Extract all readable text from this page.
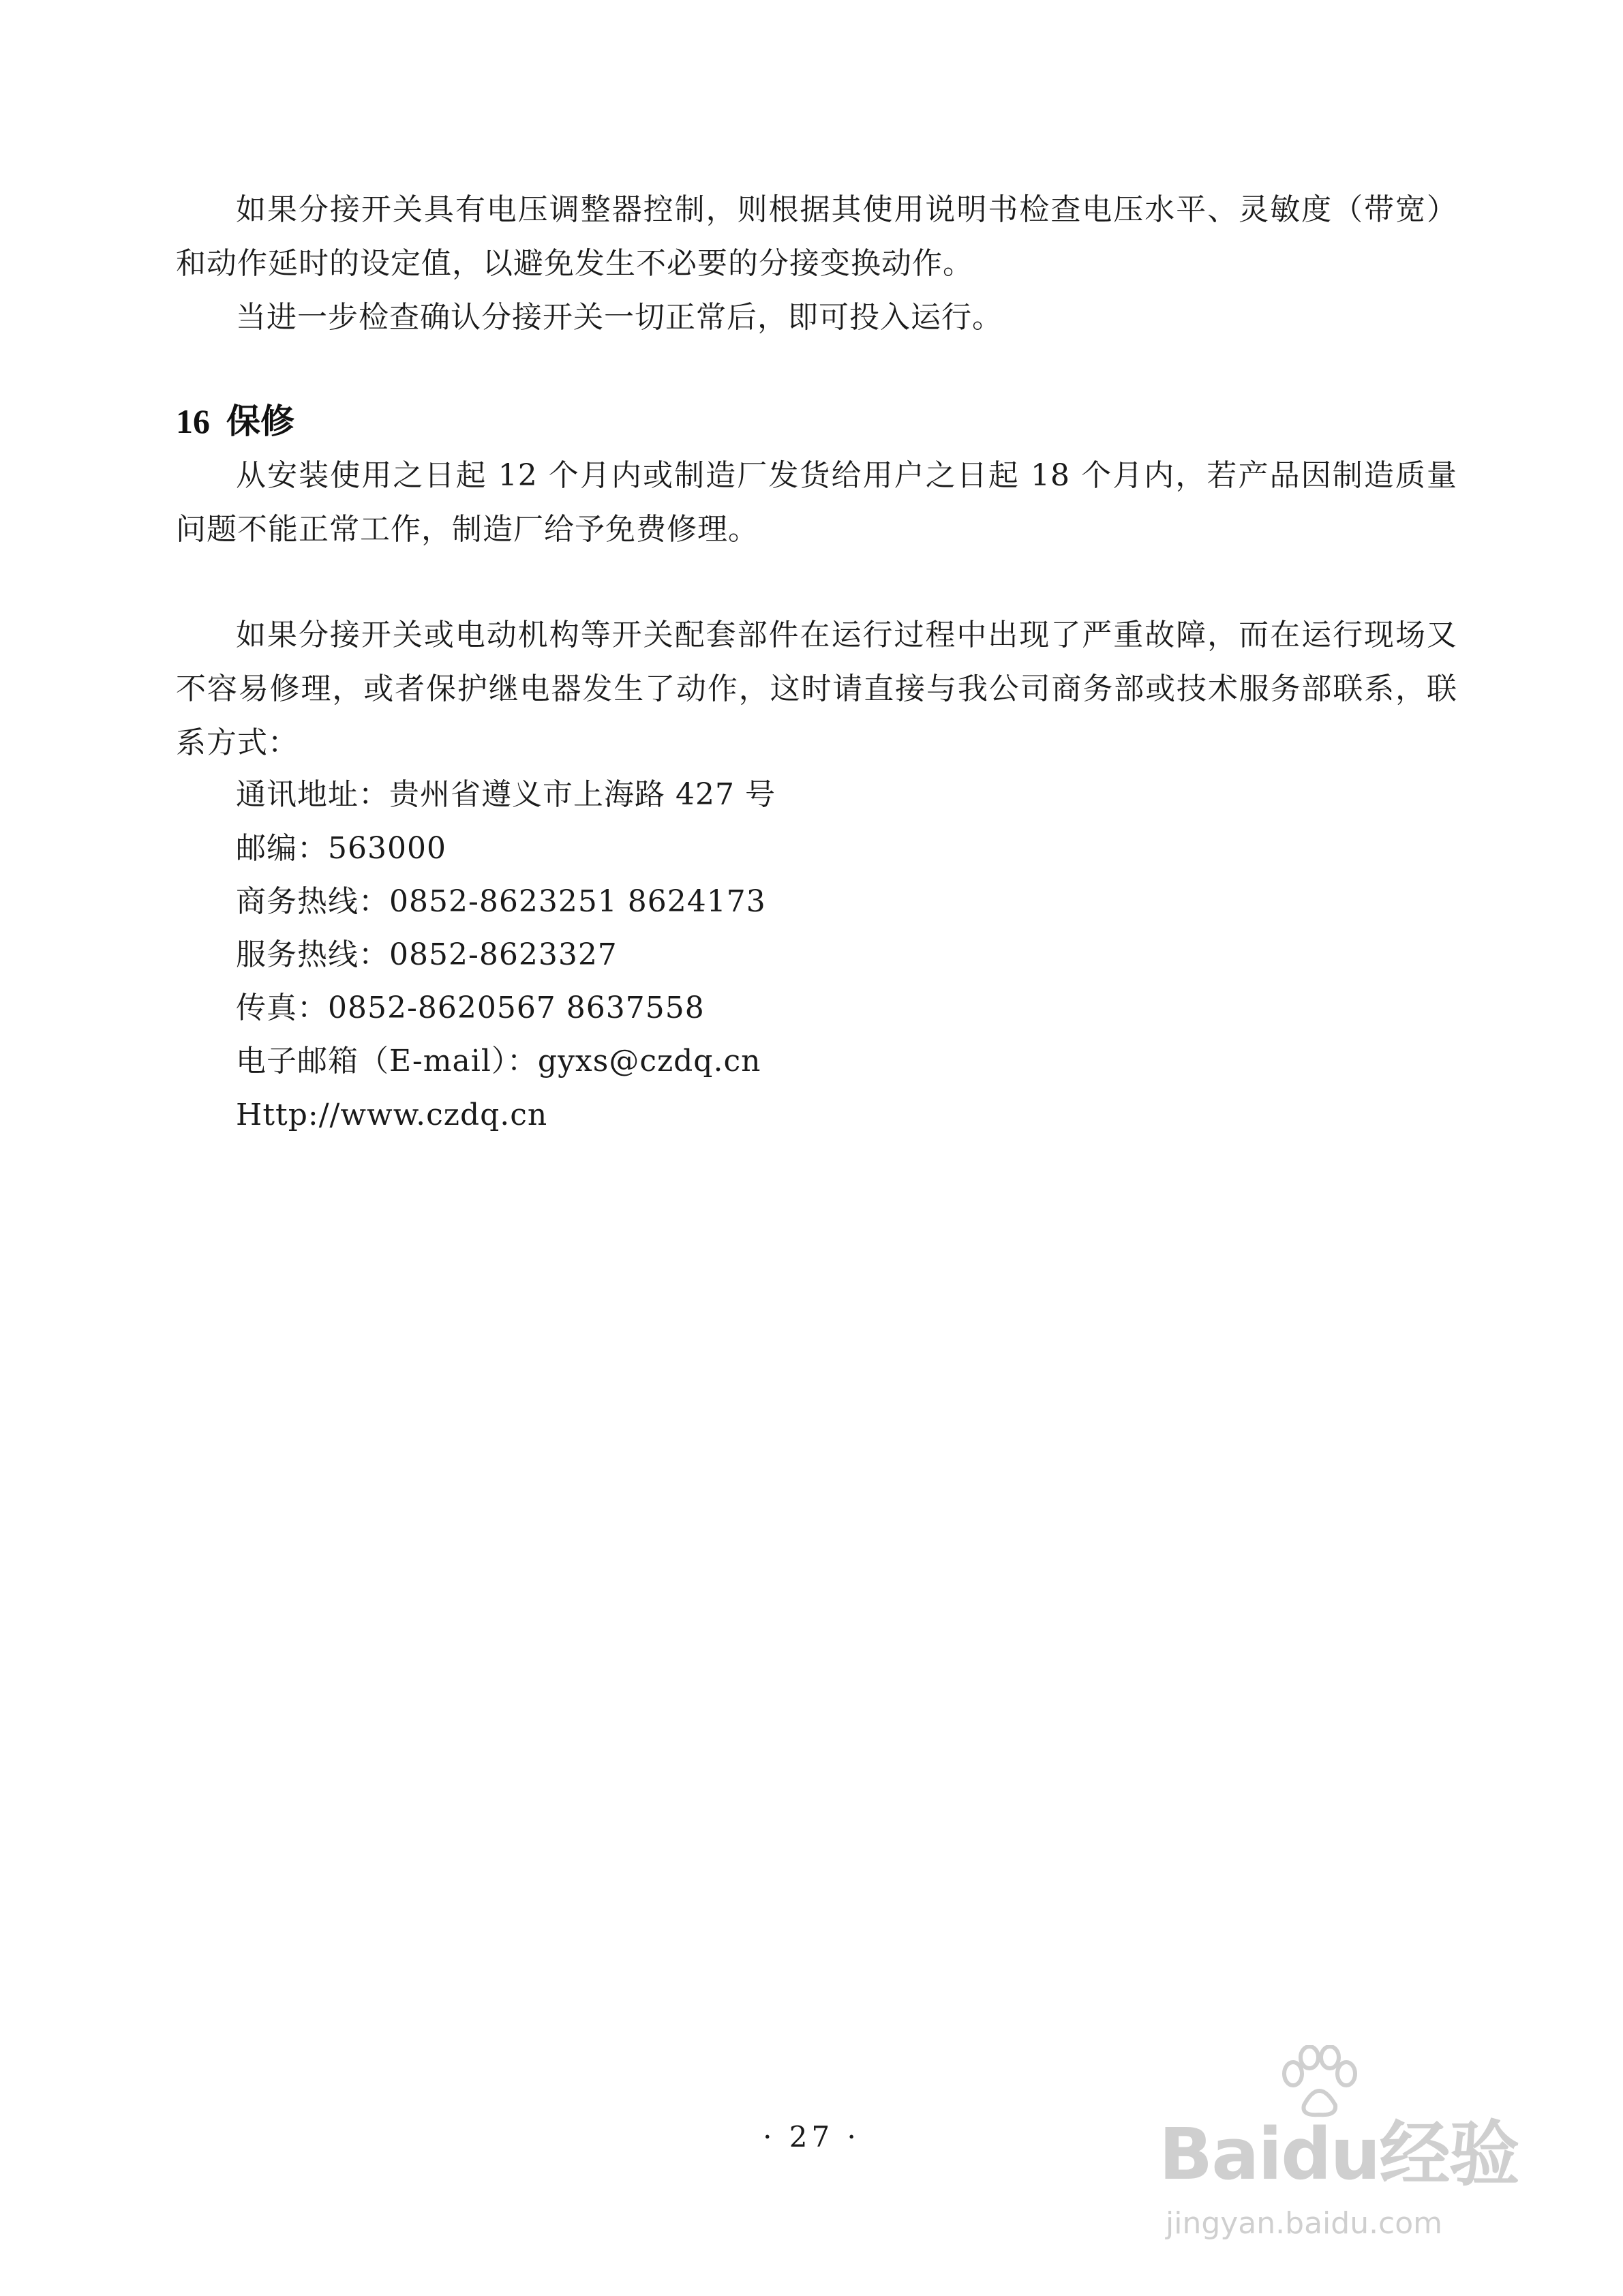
如果分接开关具有电压调整器控制，则根据其使用说明书检查电压水平、灵敏度（带宽）和动作延时的设定值，以避免发生不必要的分接变换动作。

当进一步检查确认分接开关一切正常后，即可投入运行。

16 保修

从安装使用之日起 12 个月内或制造厂发货给用户之日起 18 个月内，若产品因制造质量问题不能正常工作，制造厂给予免费修理。

如果分接开关或电动机构等开关配套部件在运行过程中出现了严重故障，而在运行现场又不容易修理，或者保护继电器发生了动作，这时请直接与我公司商务部或技术服务部联系，联系方式：

通讯地址：贵州省遵义市上海路 427 号

邮编：563000

商务热线：0852-8623251 8624173

服务热线：0852-8623327

传真：0852-8620567 8637558

电子邮箱（E-mail）：gyxs@czdq.cn

Http://www.czdq.cn

· 27 ·	Baidu经验
jingyan.baidu.com
